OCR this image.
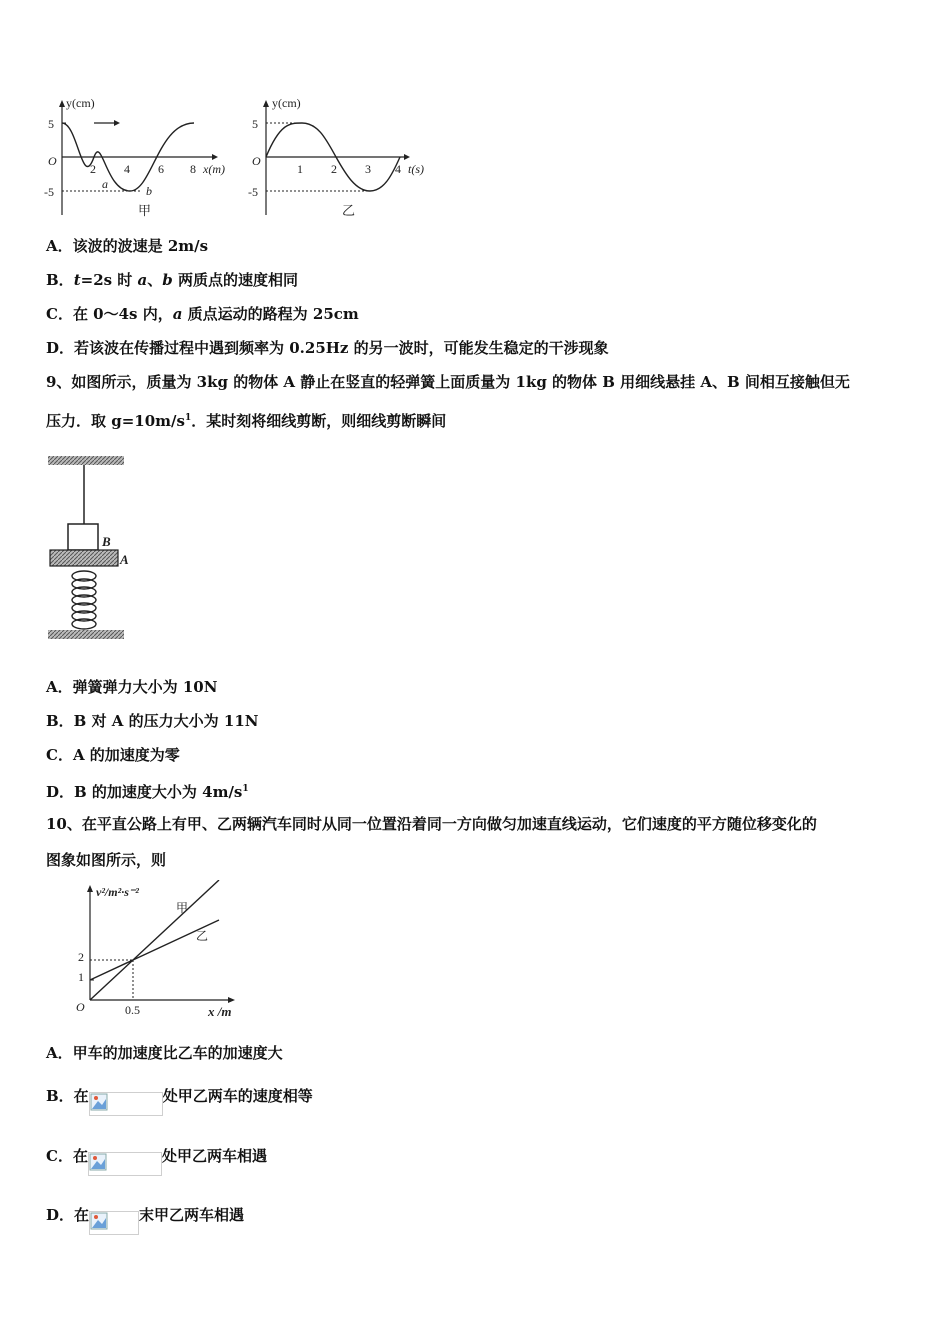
y(cm)
5
-5
O
2 4 6 8 x(m)
a	b
甲
y(cm)
5
-5
O
1 2 3 4 t(s)
乙
A．该波的波速是 2m/s
B．t=2s 时 a、b 两质点的速度相同
C．在 0～4s 内，a 质点运动的路程为 25cm
D．若该波在传播过程中遇到频率为 0.25Hz 的另一波时，可能发生稳定的干涉现象
9、如图所示，质量为 3kg 的物体 A 静止在竖直的轻弹簧上面质量为 1kg 的物体 B 用细线悬挂 A、B 间相互接触但无
压力．取 $g=10m/s^1$．某时刻将细线剪断，则细线剪断瞬间
B
A
A．弹簧弹力大小为 10N
B．B 对 A 的压力大小为 11N
C．A 的加速度为零
D．B 的加速度大小为 $4m/s^1$
10、在平直公路上有甲、乙两辆汽车同时从同一位置沿着同一方向做匀加速直线运动，它们速度的平方随位移变化的
图象如图所示，则
v²/m²·s⁻²
甲
乙
2
1
O	0.5	x /m
A．甲车的加速度比乙车的加速度大
B．在	处甲乙两车的速度相等
C．在	处甲乙两车相遇
D．在	末甲乙两车相遇
